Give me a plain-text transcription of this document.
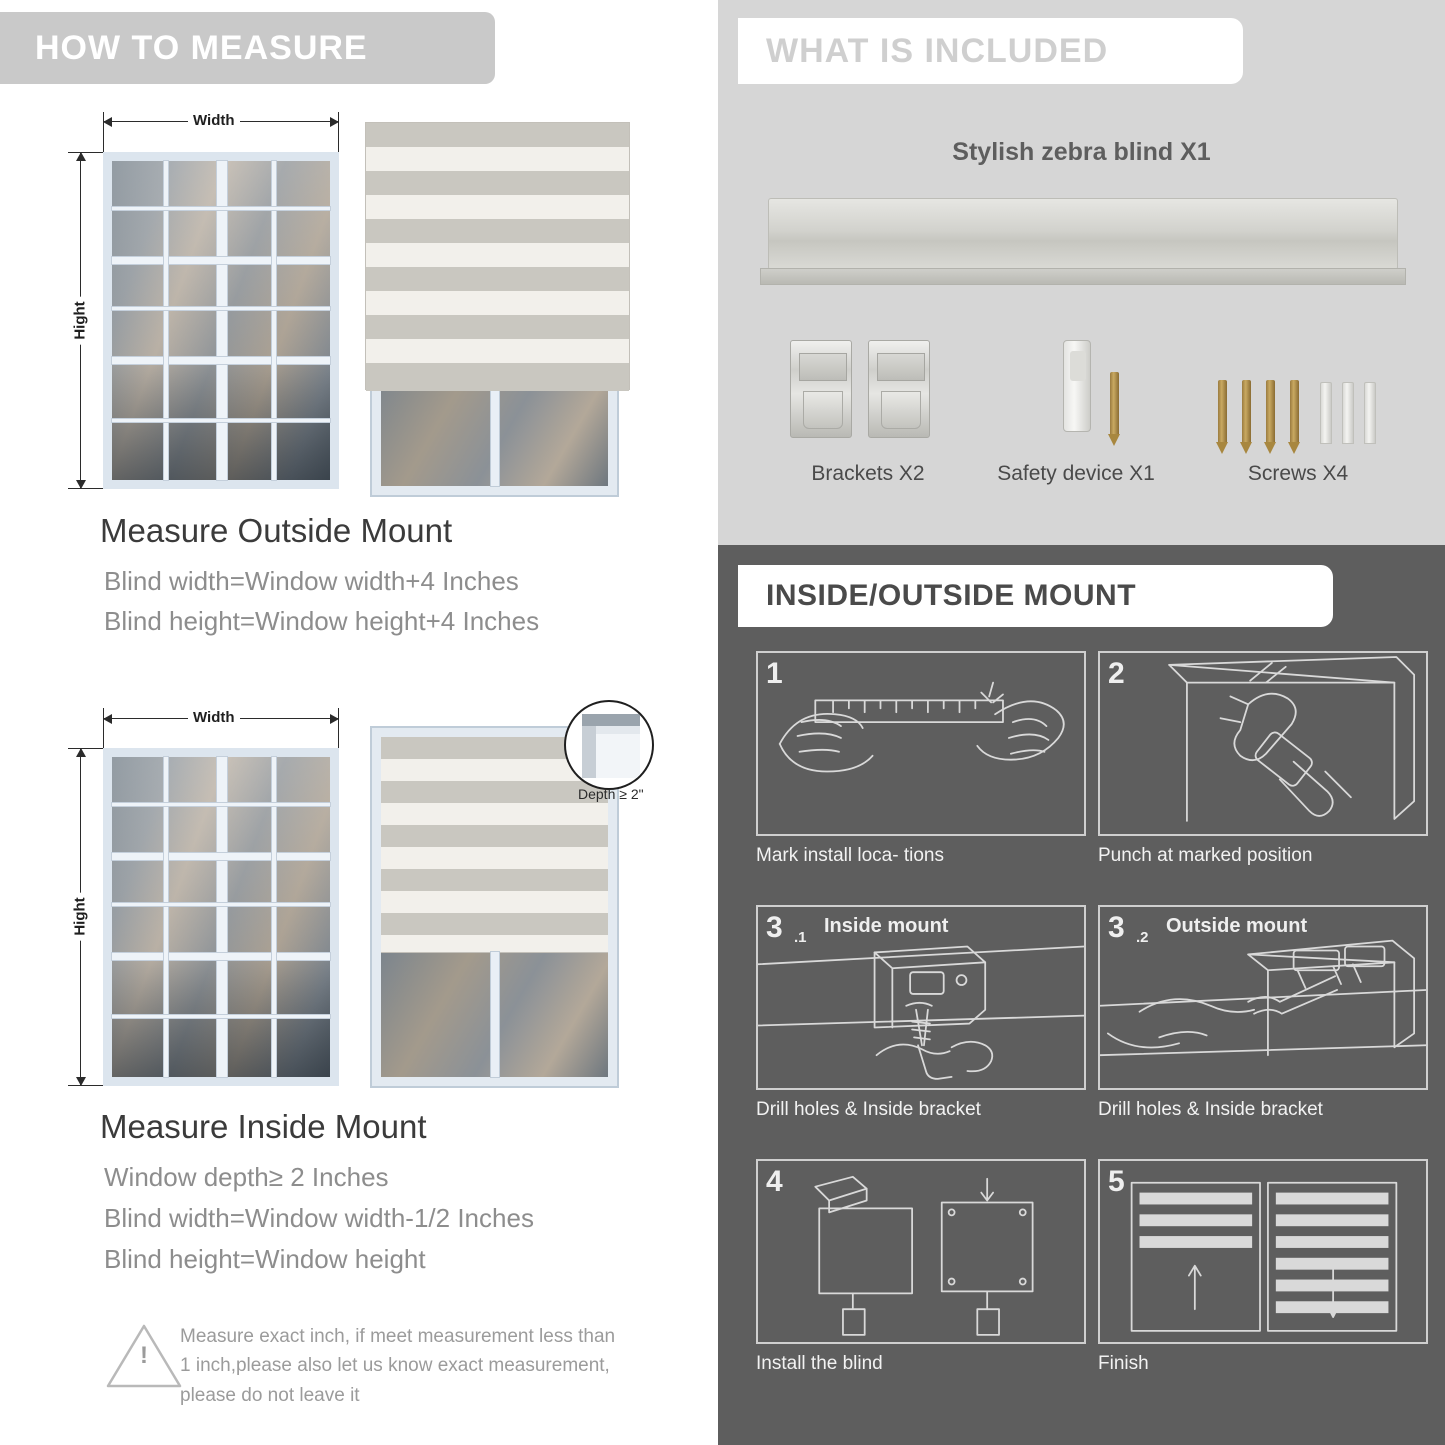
HOW TO MEASURE
Width
Hight
Measure Outside Mount

Blind width=Window width+4 Inches

Blind height=Window height+4 Inches

Width
Hight
Depth ≥ 2"
Measure Inside Mount

Window depth≥ 2 Inches

Blind width=Window width-1/2 Inches

Blind height=Window height

!
Measure exact inch, if meet measurement less than 1 inch,please also let us know exact measurement, please do not leave it
WHAT IS INCLUDED
Stylish zebra blind X1
Brackets X2	Safety device X1	Screws X4
INSIDE/OUTSIDE MOUNT
1
Mark install loca- tions
2
Punch at marked position
3 .1
Inside mount
Drill holes & Inside bracket
3 .2
Outside mount
Drill holes & Inside bracket
4
Install the blind
5
Finish
